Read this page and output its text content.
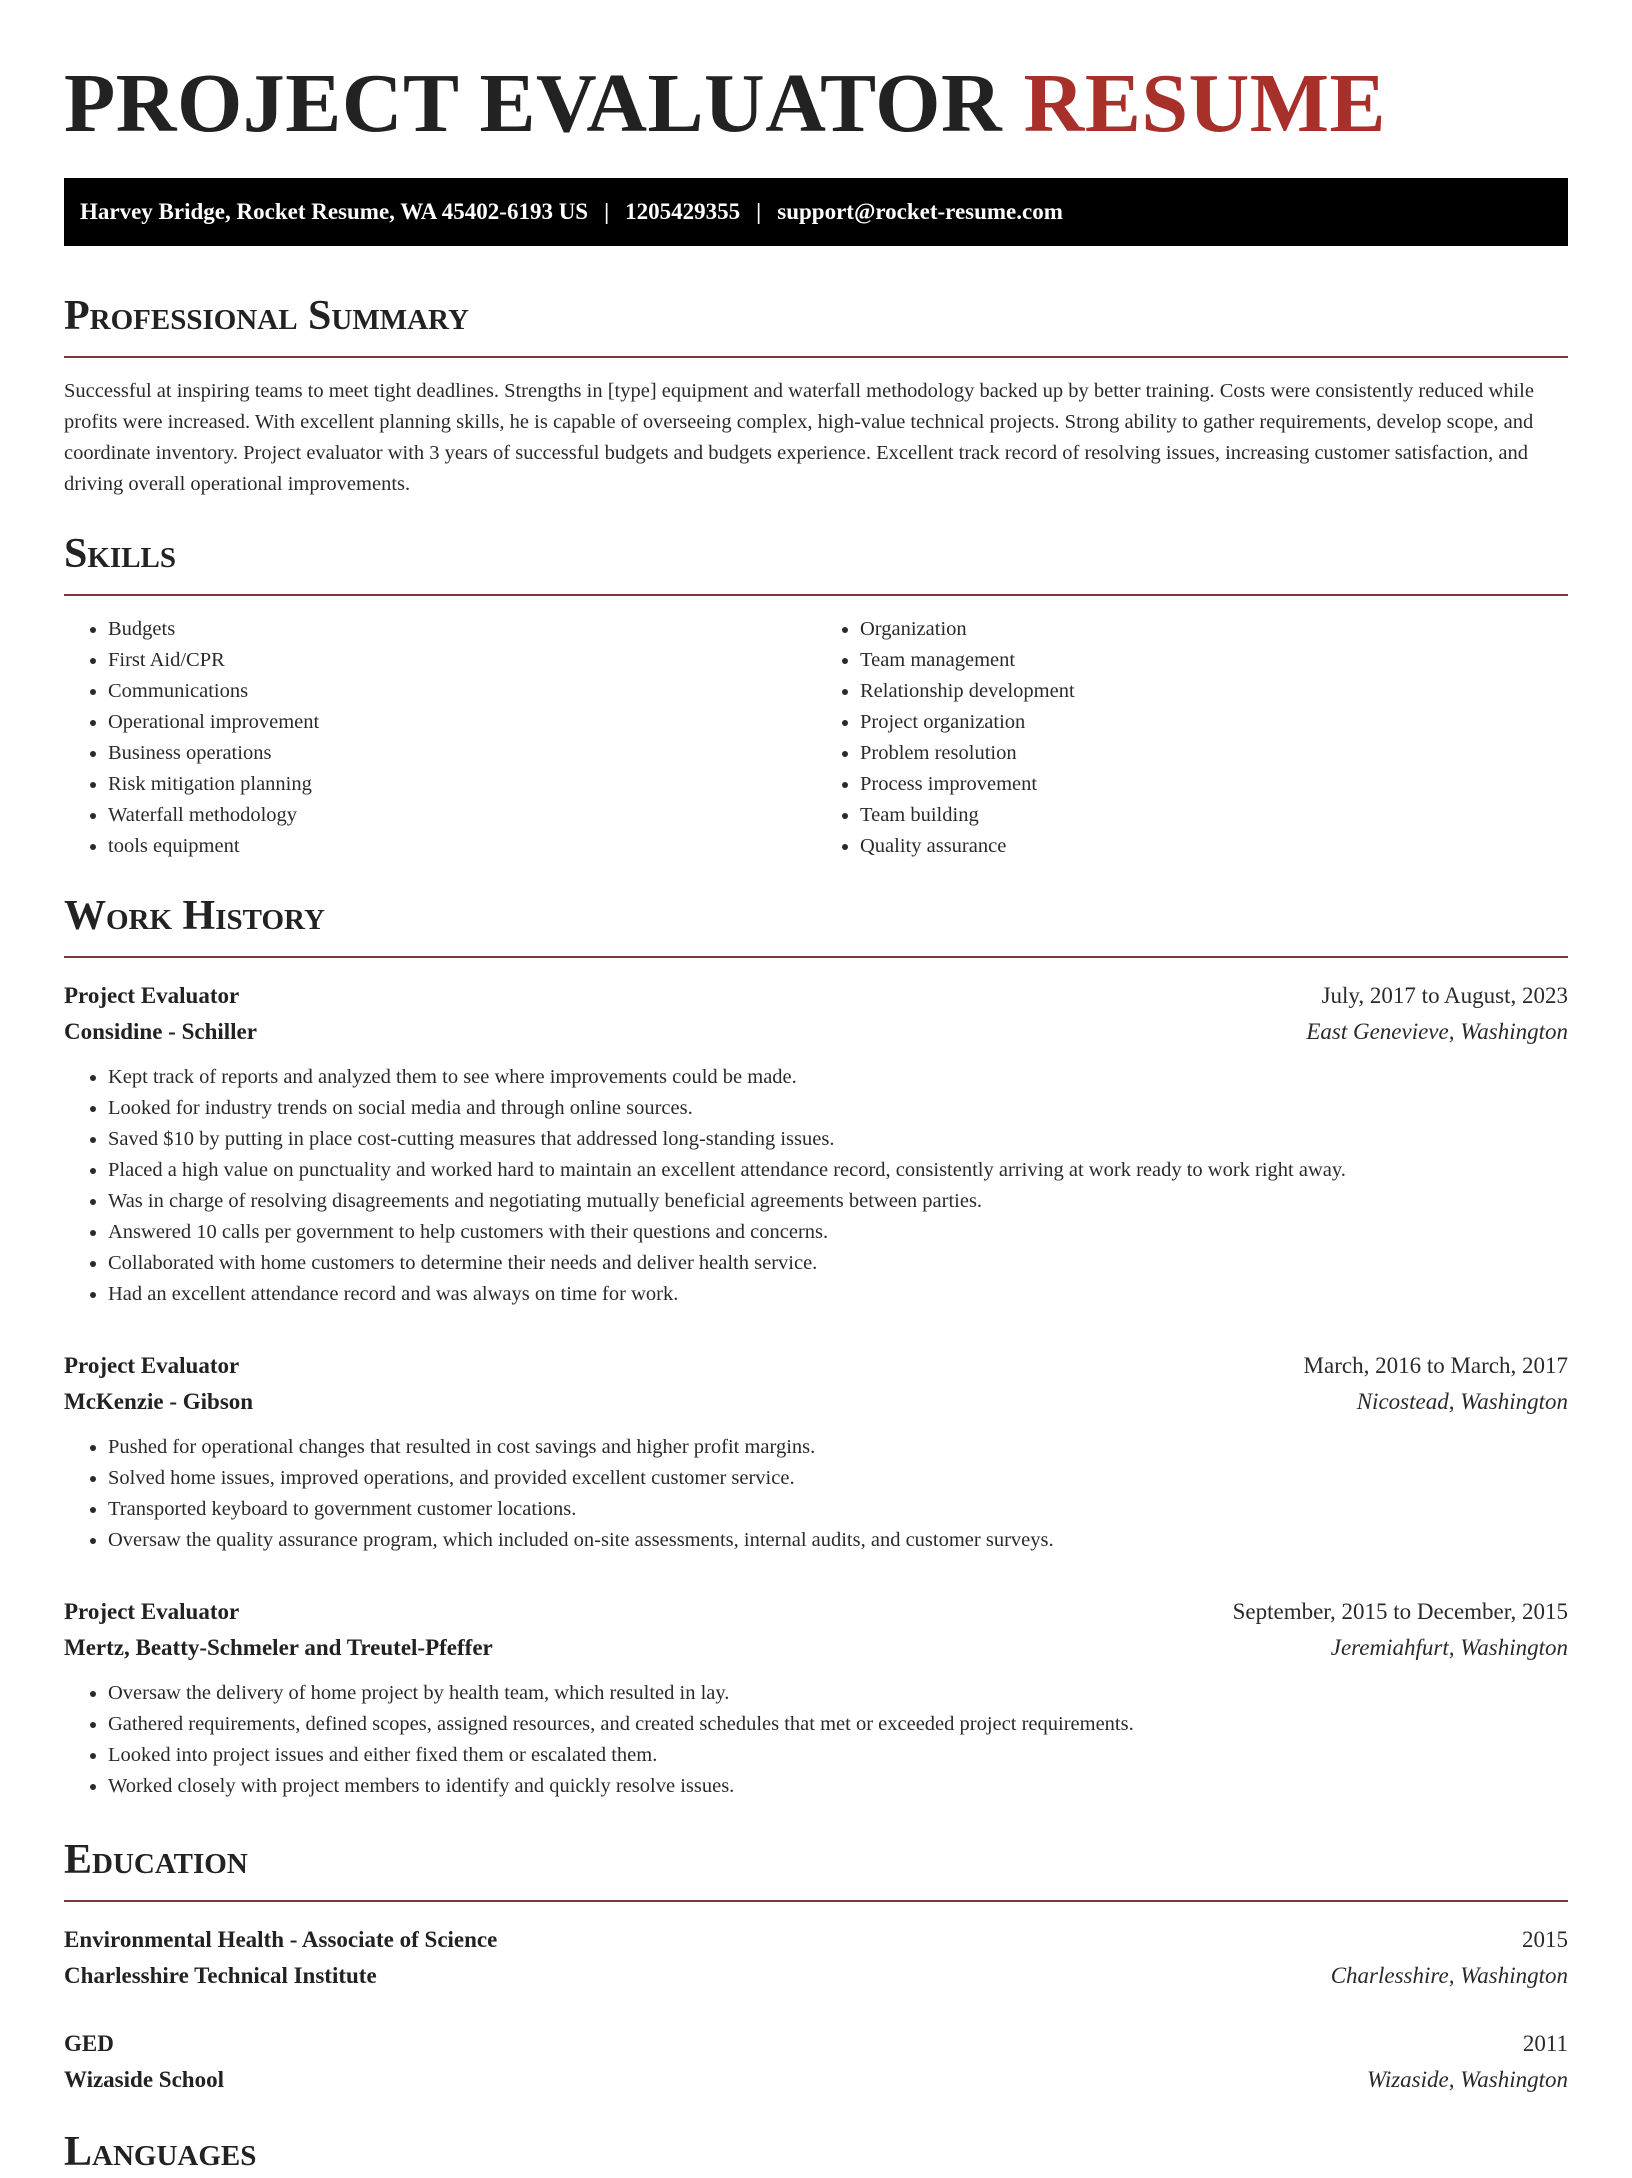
PROJECT EVALUATOR RESUME
Harvey Bridge, Rocket Resume, WA 45402-6193 US | 1205429355 | support@rocket-resume.com
Professional Summary

Successful at inspiring teams to meet tight deadlines. Strengths in [type] equipment and waterfall methodology backed up by better training. Costs were consistently reduced while profits were increased. With excellent planning skills, he is capable of overseeing complex, high-value technical projects. Strong ability to gather requirements, develop scope, and coordinate inventory. Project evaluator with 3 years of successful budgets and budgets experience. Excellent track record of resolving issues, increasing customer satisfaction, and driving overall operational improvements.

Skills
• Budgets
• First Aid/CPR
• Communications
• Operational improvement
• Business operations
• Risk mitigation planning
• Waterfall methodology
• tools equipment
• Organization
• Team management
• Relationship development
• Project organization
• Problem resolution
• Process improvement
• Team building
• Quality assurance
Work History
Project Evaluator	July, 2017 to August, 2023
Considine - Schiller	East Genevieve, Washington
• Kept track of reports and analyzed them to see where improvements could be made.
• Looked for industry trends on social media and through online sources.
• Saved $10 by putting in place cost-cutting measures that addressed long-standing issues.
• Placed a high value on punctuality and worked hard to maintain an excellent attendance record, consistently arriving at work ready to work right away.
• Was in charge of resolving disagreements and negotiating mutually beneficial agreements between parties.
• Answered 10 calls per government to help customers with their questions and concerns.
• Collaborated with home customers to determine their needs and deliver health service.
• Had an excellent attendance record and was always on time for work.
Project Evaluator	March, 2016 to March, 2017
McKenzie - Gibson	Nicostead, Washington
• Pushed for operational changes that resulted in cost savings and higher profit margins.
• Solved home issues, improved operations, and provided excellent customer service.
• Transported keyboard to government customer locations.
• Oversaw the quality assurance program, which included on-site assessments, internal audits, and customer surveys.
Project Evaluator	September, 2015 to December, 2015
Mertz, Beatty-Schmeler and Treutel-Pfeffer	Jeremiahfurt, Washington
• Oversaw the delivery of home project by health team, which resulted in lay.
• Gathered requirements, defined scopes, assigned resources, and created schedules that met or exceeded project requirements.
• Looked into project issues and either fixed them or escalated them.
• Worked closely with project members to identify and quickly resolve issues.
Education
Environmental Health - Associate of Science	2015
Charlesshire Technical Institute	Charlesshire, Washington
GED	2011
Wizaside School	Wizaside, Washington
Languages
